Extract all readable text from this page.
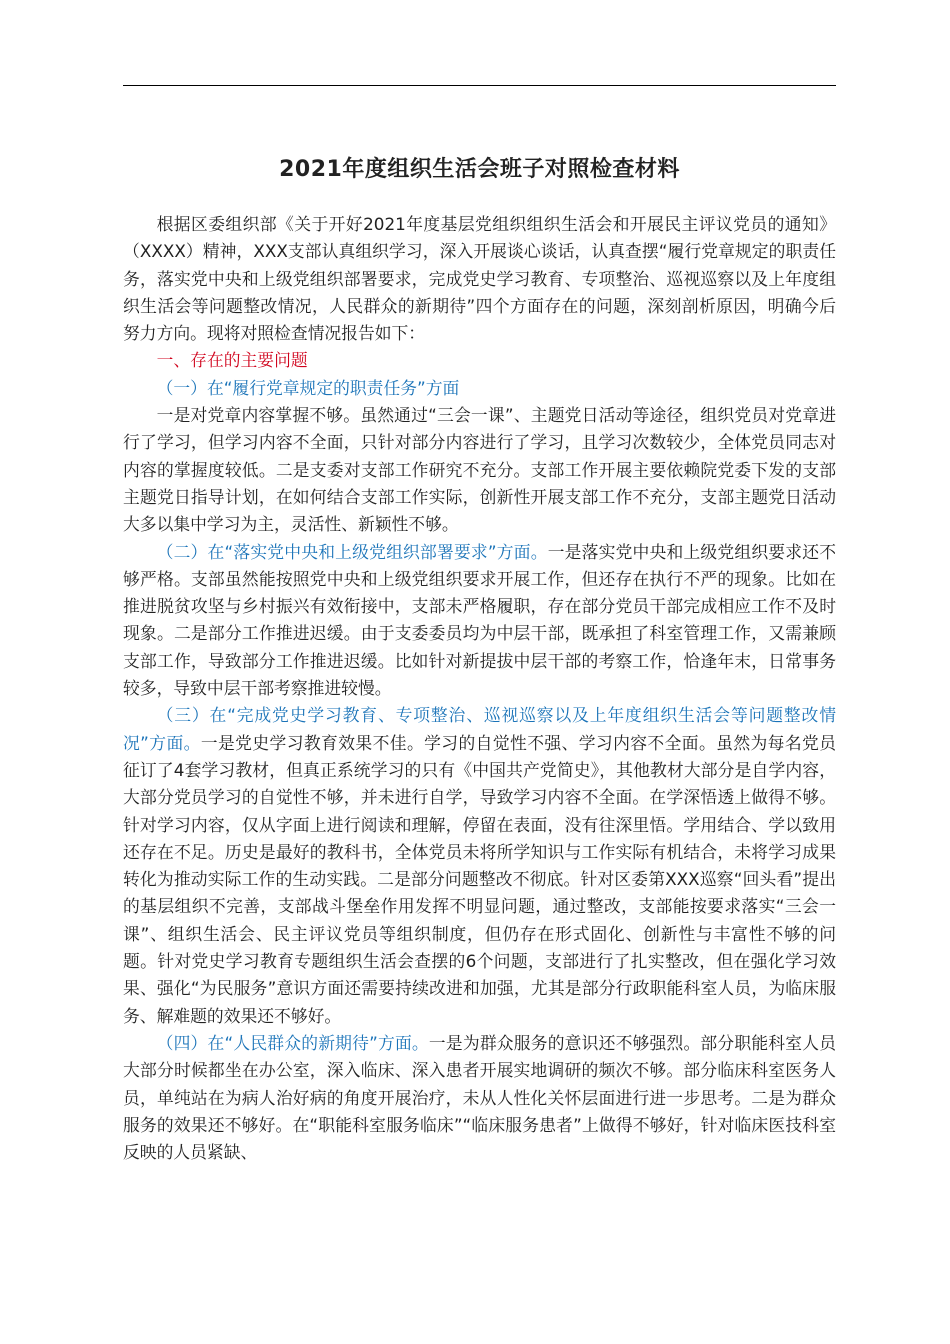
2021年度组织生活会班子对照检查材料

根据区委组织部《关于开好2021年度基层党组织组织生活会和开展民主评议党员的通知》（XXXX）精神，XXX支部认真组织学习，深入开展谈心谈话，认真查摆“履行党章规定的职责任务，落实党中央和上级党组织部署要求，完成党史学习教育、专项整治、巡视巡察以及上年度组织生活会等问题整改情况，人民群众的新期待”四个方面存在的问题，深刻剖析原因，明确今后努力方向。现将对照检查情况报告如下：

一、存在的主要问题

（一）在“履行党章规定的职责任务”方面

一是对党章内容掌握不够。虽然通过“三会一课”、主题党日活动等途径，组织党员对党章进行了学习，但学习内容不全面，只针对部分内容进行了学习，且学习次数较少，全体党员同志对内容的掌握度较低。二是支委对支部工作研究不充分。支部工作开展主要依赖院党委下发的支部主题党日指导计划，在如何结合支部工作实际，创新性开展支部工作不充分，支部主题党日活动大多以集中学习为主，灵活性、新颖性不够。

（二）在“落实党中央和上级党组织部署要求”方面。一是落实党中央和上级党组织要求还不够严格。支部虽然能按照党中央和上级党组织要求开展工作，但还存在执行不严的现象。比如在推进脱贫攻坚与乡村振兴有效衔接中，支部未严格履职，存在部分党员干部完成相应工作不及时现象。二是部分工作推进迟缓。由于支委委员均为中层干部，既承担了科室管理工作，又需兼顾支部工作，导致部分工作推进迟缓。比如针对新提拔中层干部的考察工作，恰逢年末，日常事务较多，导致中层干部考察推进较慢。

（三）在“完成党史学习教育、专项整治、巡视巡察以及上年度组织生活会等问题整改情况”方面。一是党史学习教育效果不佳。学习的自觉性不强、学习内容不全面。虽然为每名党员征订了4套学习教材，但真正系统学习的只有《中国共产党简史》，其他教材大部分是自学内容，大部分党员学习的自觉性不够，并未进行自学，导致学习内容不全面。在学深悟透上做得不够。针对学习内容，仅从字面上进行阅读和理解，停留在表面，没有往深里悟。学用结合、学以致用还存在不足。历史是最好的教科书，全体党员未将所学知识与工作实际有机结合，未将学习成果转化为推动实际工作的生动实践。二是部分问题整改不彻底。针对区委第XXX巡察“回头看”提出的基层组织不完善，支部战斗堡垒作用发挥不明显问题，通过整改，支部能按要求落实“三会一课”、组织生活会、民主评议党员等组织制度，但仍存在形式固化、创新性与丰富性不够的问题。针对党史学习教育专题组织生活会查摆的6个问题，支部进行了扎实整改，但在强化学习效果、强化“为民服务”意识方面还需要持续改进和加强，尤其是部分行政职能科室人员，为临床服务、解难题的效果还不够好。

（四）在“人民群众的新期待”方面。一是为群众服务的意识还不够强烈。部分职能科室人员大部分时候都坐在办公室，深入临床、深入患者开展实地调研的频次不够。部分临床科室医务人员，单纯站在为病人治好病的角度开展治疗，未从人性化关怀层面进行进一步思考。二是为群众服务的效果还不够好。在“职能科室服务临床”“临床服务患者”上做得不够好，针对临床医技科室反映的人员紧缺、
